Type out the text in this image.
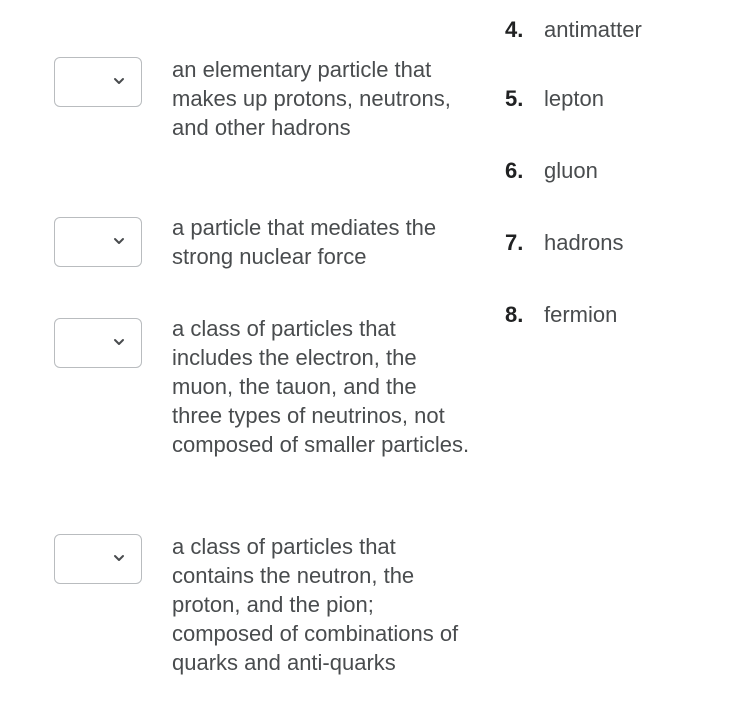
an elementary particle that makes up protons, neutrons, and other hadrons
a particle that mediates the strong nuclear force
a class of particles that includes the electron, the muon, the tauon, and the three types of neutrinos, not composed of smaller particles.
a class of particles that contains the neutron, the proton, and the pion; composed of combinations of quarks and anti-quarks
4. antimatter
5. lepton
6. gluon
7. hadrons
8. fermion
